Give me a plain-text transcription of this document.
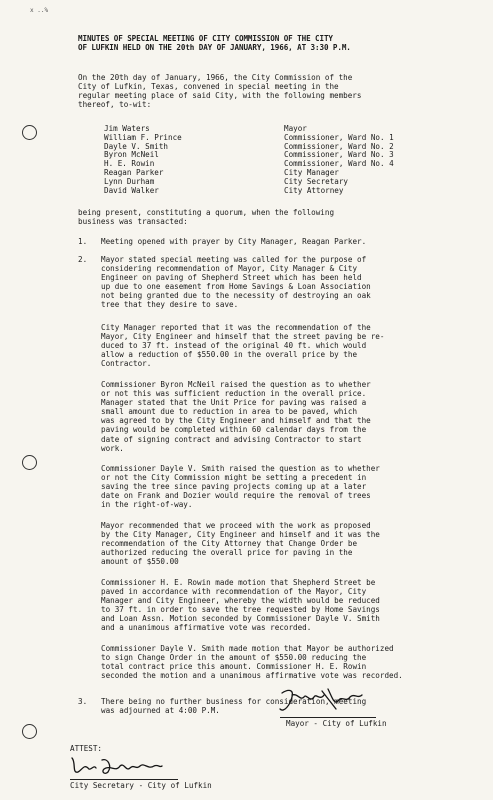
x ..%
MINUTES OF SPECIAL MEETING OF CITY COMMISSION OF THE CITY
OF LUFKIN HELD ON THE 20th DAY OF JANUARY, 1966, AT 3:30 P.M.
On the 20th day of January, 1966, the City Commission of the
City of Lufkin, Texas, convened in special meeting in the
regular meeting place of said City, with the following members
thereof, to-wit:
Jim Waters	Mayor
William F. Prince	Commissioner, Ward No. 1
Dayle V. Smith	Commissioner, Ward No. 2
Byron McNeil	Commissioner, Ward No. 3
H. E. Rowin	Commissioner, Ward No. 4
Reagan Parker	City Manager
Lynn Durham	City Secretary
David Walker	City Attorney
being present, constituting a quorum, when the following
business was transacted:
1. Meeting opened with prayer by City Manager, Reagan Parker.
2. Mayor stated special meeting was called for the purpose of
considering recommendation of Mayor, City Manager & City
Engineer on paving of Shepherd Street which has been held
up due to one easement from Home Savings & Loan Association
not being granted due to the necessity of destroying an oak
tree that they desire to save.
City Manager reported that it was the recommendation of the
Mayor, City Engineer and himself that the street paving be re-
duced to 37 ft. instead of the original 40 ft. which would
allow a reduction of $550.00 in the overall price by the
Contractor.
Commissioner Byron McNeil raised the question as to whether
or not this was sufficient reduction in the overall price.
Manager stated that the Unit Price for paving was raised a
small amount due to reduction in area to be paved, which
was agreed to by the City Engineer and himself and that the
paving would be completed within 60 calendar days from the
date of signing contract and advising Contractor to start
work.
Commissioner Dayle V. Smith raised the question as to whether
or not the City Commission might be setting a precedent in
saving the tree since paving projects coming up at a later
date on Frank and Dozier would require the removal of trees
in the right-of-way.
Mayor recommended that we proceed with the work as proposed
by the City Manager, City Engineer and himself and it was the
recommendation of the City Attorney that Change Order be
authorized reducing the overall price for paving in the
amount of $550.00
Commissioner H. E. Rowin made motion that Shepherd Street be
paved in accordance with recommendation of the Mayor, City
Manager and City Engineer, whereby the width would be reduced
to 37 ft. in order to save the tree requested by Home Savings
and Loan Assn. Motion seconded by Commissioner Dayle V. Smith
and a unanimous affirmative vote was recorded.
Commissioner Dayle V. Smith made motion that Mayor be authorized
to sign Change Order in the amount of $550.00 reducing the
total contract price this amount. Commissioner H. E. Rowin
seconded the motion and a unanimous affirmative vote was recorded.
3. There being no further business for consideration, meeting
was adjourned at 4:00 P.M.
Mayor - City of Lufkin
ATTEST:
City Secretary - City of Lufkin
